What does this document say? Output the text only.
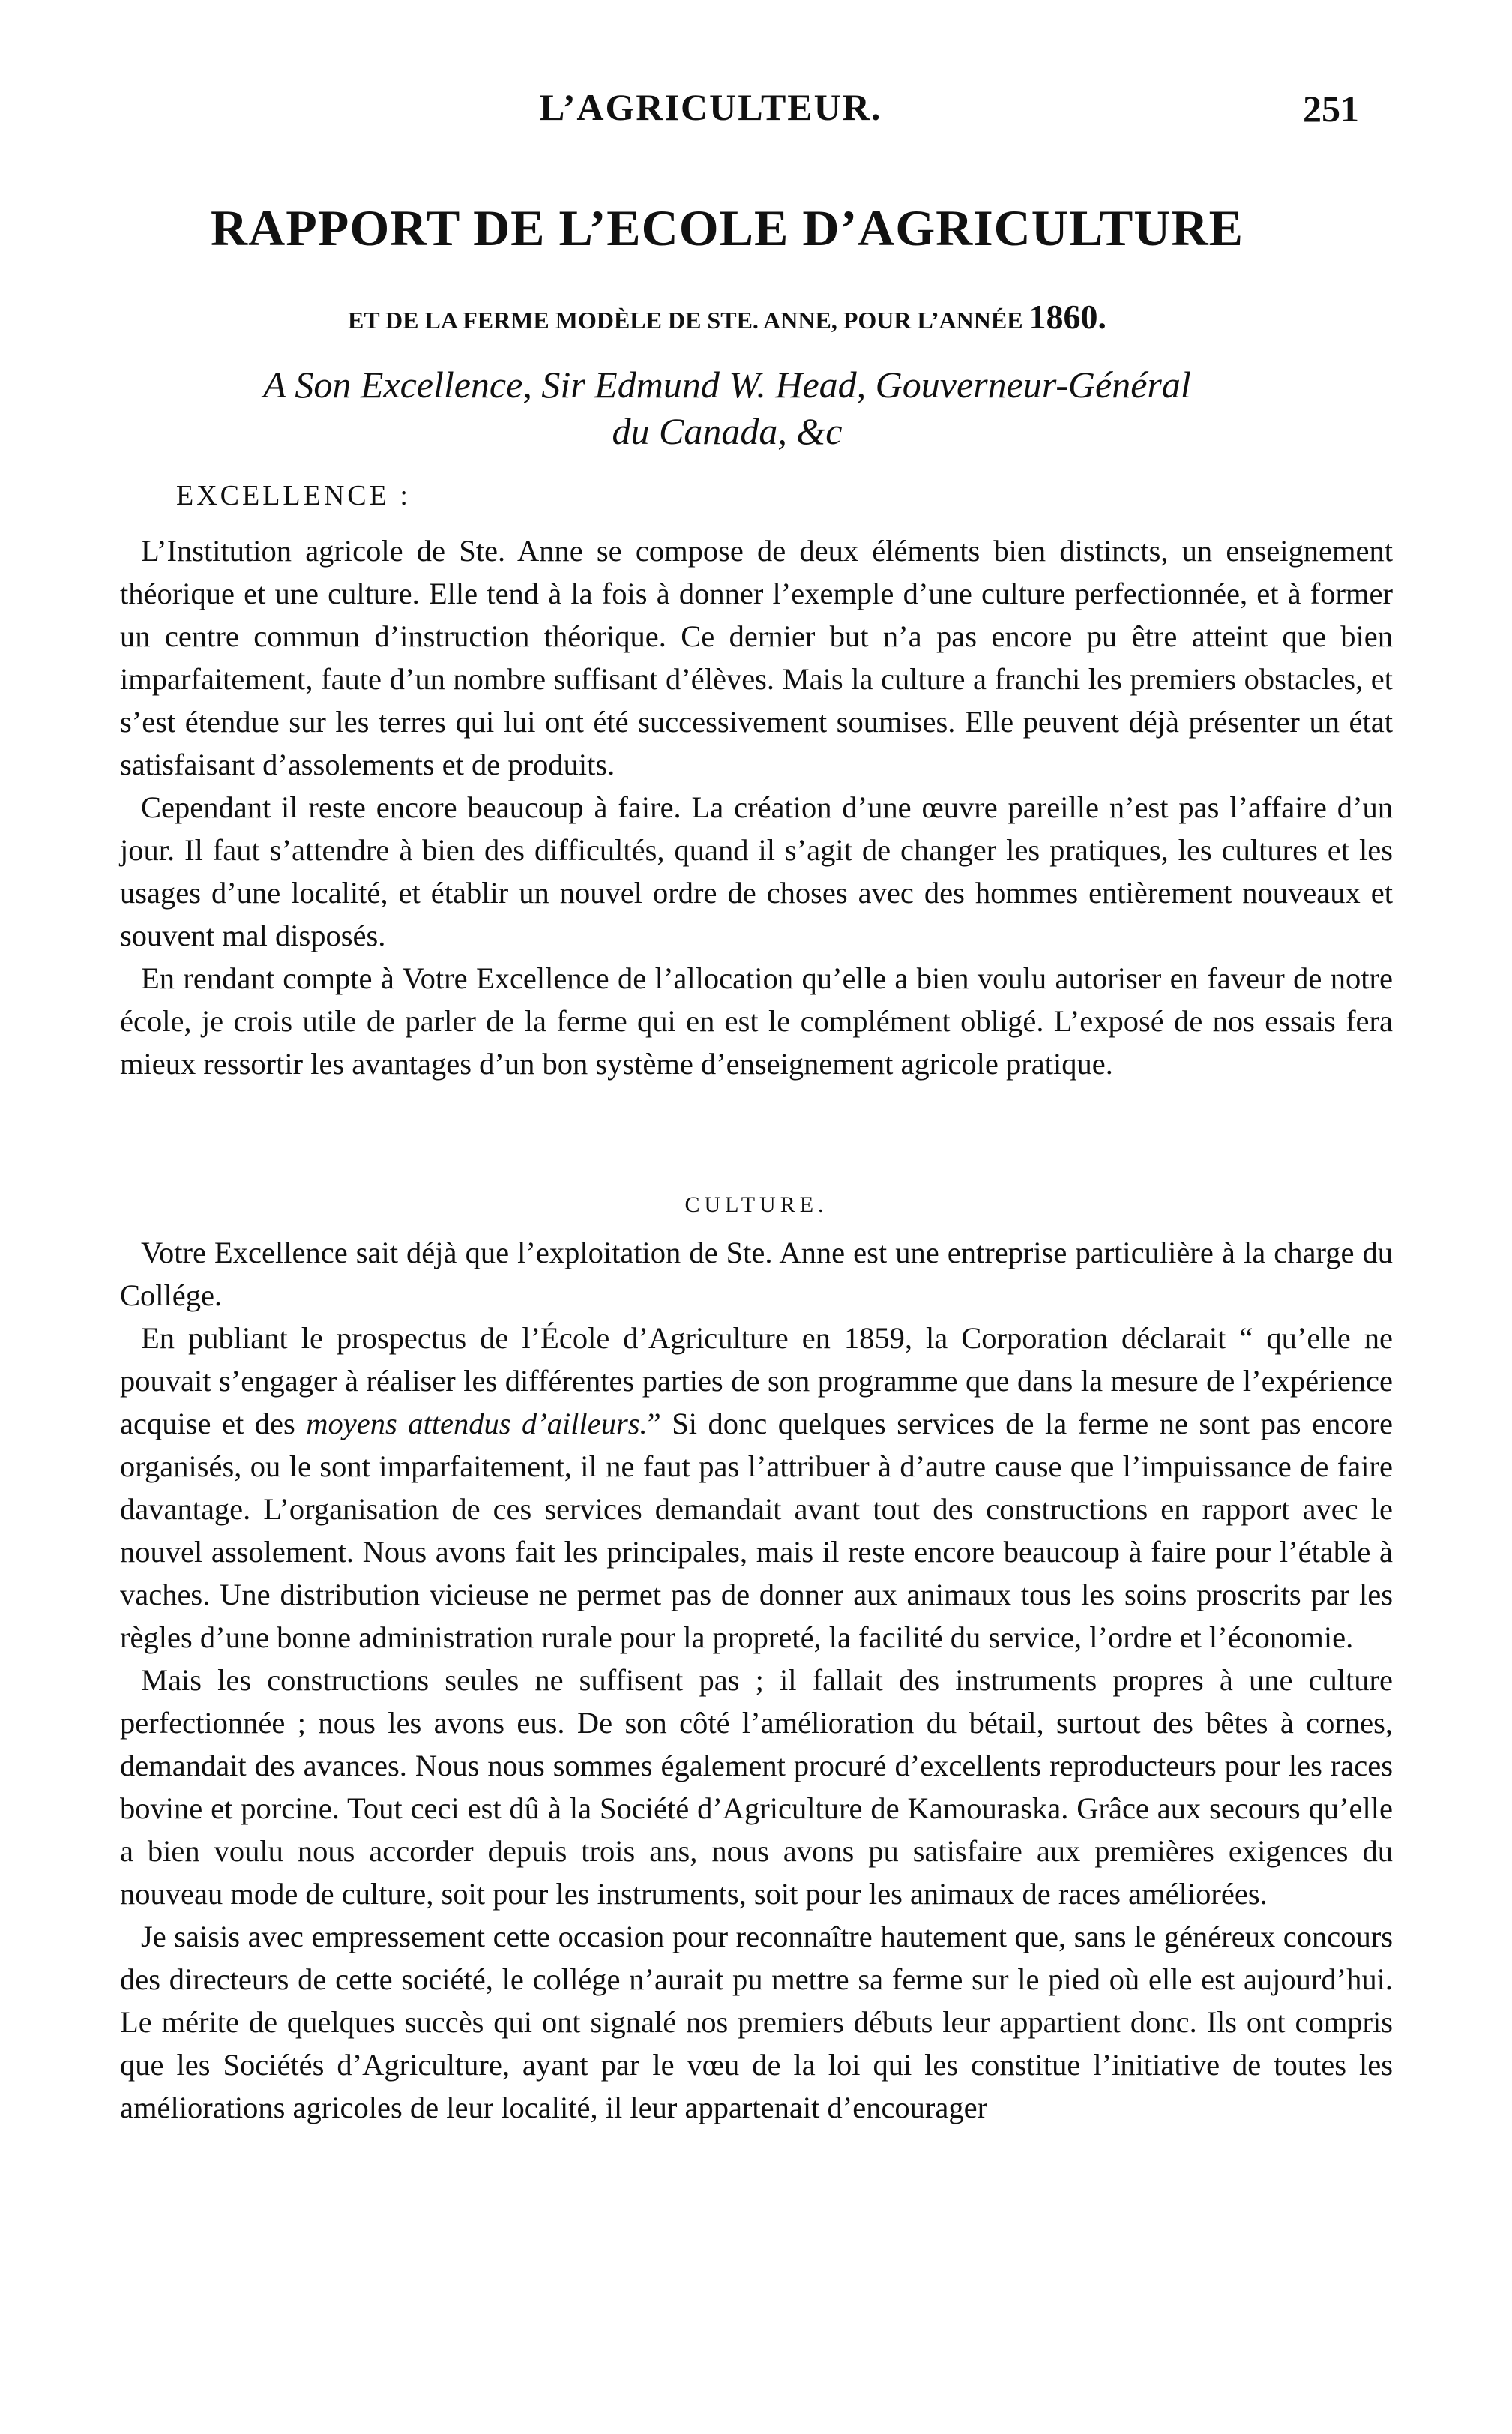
L’AGRICULTEUR.	251
RAPPORT DE L’ECOLE D’AGRICULTURE
ET DE LA FERME MODÈLE DE STE. ANNE, POUR L’ANNÉE 1860.
A Son Excellence, Sir Edmund W. Head, Gouverneur-Général
du Canada, &c
EXCELLENCE :

L’Institution agricole de Ste. Anne se compose de deux éléments bien distincts, un enseignement théorique et une culture. Elle tend à la fois à donner l’exemple d’une culture perfectionnée, et à former un centre commun d’instruction théorique. Ce dernier but n’a pas encore pu être atteint que bien imparfaitement, faute d’un nombre suffisant d’élèves. Mais la culture a franchi les premiers obstacles, et s’est étendue sur les terres qui lui ont été successivement soumises. Elle peuvent déjà présenter un état satisfaisant d’assolements et de produits.

Cependant il reste encore beaucoup à faire. La création d’une œuvre pareille n’est pas l’affaire d’un jour. Il faut s’attendre à bien des difficultés, quand il s’agit de changer les pratiques, les cultures et les usages d’une localité, et établir un nouvel ordre de choses avec des hommes entièrement nouveaux et souvent mal disposés.

En rendant compte à Votre Excellence de l’allocation qu’elle a bien voulu autoriser en faveur de notre école, je crois utile de parler de la ferme qui en est le complément obligé. L’exposé de nos essais fera mieux ressortir les avantages d’un bon système d’enseignement agricole pratique.

CULTURE.

Votre Excellence sait déjà que l’exploitation de Ste. Anne est une entreprise particulière à la charge du Collége.

En publiant le prospectus de l’École d’Agriculture en 1859, la Corporation déclarait “ qu’elle ne pouvait s’engager à réaliser les différentes parties de son programme que dans la mesure de l’expérience acquise et des moyens attendus d’ailleurs.” Si donc quelques services de la ferme ne sont pas encore organisés, ou le sont imparfaitement, il ne faut pas l’attribuer à d’autre cause que l’impuissance de faire davantage. L’organisation de ces services demandait avant tout des constructions en rapport avec le nouvel assolement. Nous avons fait les principales, mais il reste encore beaucoup à faire pour l’étable à vaches. Une distribution vicieuse ne permet pas de donner aux animaux tous les soins proscrits par les règles d’une bonne administration rurale pour la propreté, la facilité du service, l’ordre et l’économie.

Mais les constructions seules ne suffisent pas ; il fallait des instruments propres à une culture perfectionnée ; nous les avons eus. De son côté l’amélioration du bétail, surtout des bêtes à cornes, demandait des avances. Nous nous sommes également procuré d’excellents reproducteurs pour les races bovine et porcine. Tout ceci est dû à la Société d’Agriculture de Kamouraska. Grâce aux secours qu’elle a bien voulu nous accorder depuis trois ans, nous avons pu satisfaire aux premières exigences du nouveau mode de culture, soit pour les instruments, soit pour les animaux de races améliorées.

Je saisis avec empressement cette occasion pour reconnaître hautement que, sans le généreux concours des directeurs de cette société, le collége n’aurait pu mettre sa ferme sur le pied où elle est aujourd’hui. Le mérite de quelques succès qui ont signalé nos premiers débuts leur appartient donc. Ils ont compris que les Sociétés d’Agriculture, ayant par le vœu de la loi qui les constitue l’initiative de toutes les améliorations agricoles de leur localité, il leur appartenait d’encourager
